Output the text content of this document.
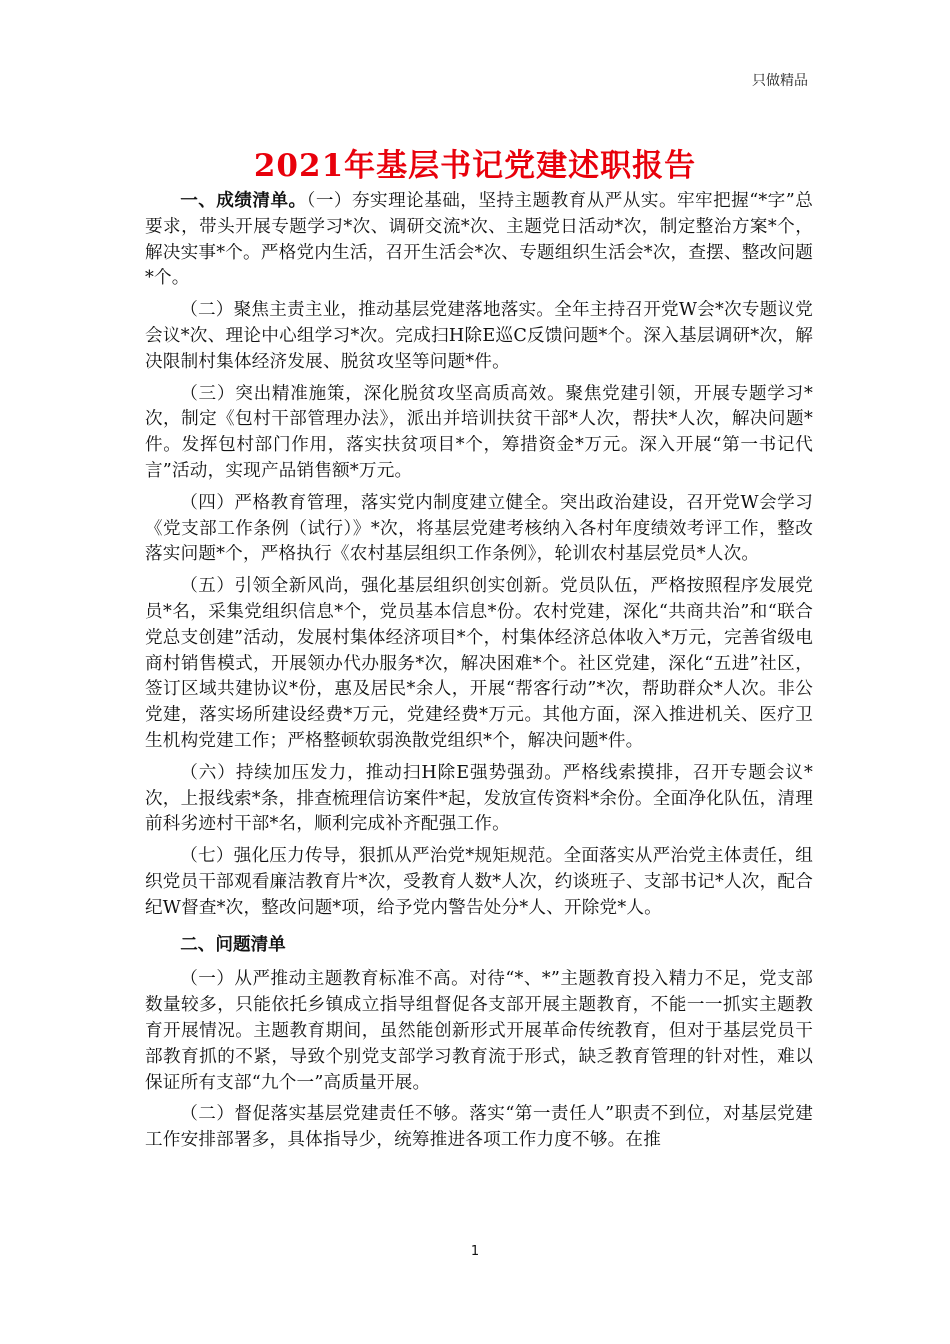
只做精品
2021年基层书记党建述职报告

一、成绩清单。（一）夯实理论基础，坚持主题教育从严从实。牢牢把握“*字”总要求，带头开展专题学习*次、调研交流*次、主题党日活动*次，制定整治方案*个，解决实事*个。严格党内生活，召开生活会*次、专题组织生活会*次，查摆、整改问题*个。

（二）聚焦主责主业，推动基层党建落地落实。全年主持召开党W会*次专题议党会议*次、理论中心组学习*次。完成扫H除E巡C反馈问题*个。深入基层调研*次，解决限制村集体经济发展、脱贫攻坚等问题*件。

（三）突出精准施策，深化脱贫攻坚高质高效。聚焦党建引领，开展专题学习*次，制定《包村干部管理办法》，派出并培训扶贫干部*人次，帮扶*人次，解决问题*件。发挥包村部门作用，落实扶贫项目*个，筹措资金*万元。深入开展“第一书记代言”活动，实现产品销售额*万元。

（四）严格教育管理，落实党内制度建立健全。突出政治建设，召开党W会学习《党支部工作条例（试行）》*次，将基层党建考核纳入各村年度绩效考评工作，整改落实问题*个，严格执行《农村基层组织工作条例》，轮训农村基层党员*人次。

（五）引领全新风尚，强化基层组织创实创新。党员队伍，严格按照程序发展党员*名，采集党组织信息*个，党员基本信息*份。农村党建，深化“共商共治”和“联合党总支创建”活动，发展村集体经济项目*个，村集体经济总体收入*万元，完善省级电商村销售模式，开展领办代办服务*次，解决困难*个。社区党建，深化“五进”社区，签订区域共建协议*份，惠及居民*余人，开展“帮客行动”*次，帮助群众*人次。非公党建，落实场所建设经费*万元，党建经费*万元。其他方面，深入推进机关、医疗卫生机构党建工作；严格整顿软弱涣散党组织*个，解决问题*件。

（六）持续加压发力，推动扫H除E强势强劲。严格线索摸排，召开专题会议*次，上报线索*条，排查梳理信访案件*起，发放宣传资料*余份。全面净化队伍，清理前科劣迹村干部*名，顺利完成补齐配强工作。

（七）强化压力传导，狠抓从严治党*规矩规范。全面落实从严治党主体责任，组织党员干部观看廉洁教育片*次，受教育人数*人次，约谈班子、支部书记*人次，配合纪W督查*次，整改问题*项，给予党内警告处分*人、开除党*人。

二、问题清单

（一）从严推动主题教育标准不高。对待“*、*”主题教育投入精力不足，党支部数量较多，只能依托乡镇成立指导组督促各支部开展主题教育，不能一一抓实主题教育开展情况。主题教育期间，虽然能创新形式开展革命传统教育，但对于基层党员干部教育抓的不紧，导致个别党支部学习教育流于形式，缺乏教育管理的针对性，难以保证所有支部“九个一”高质量开展。

（二）督促落实基层党建责任不够。落实“第一责任人”职责不到位，对基层党建工作安排部署多，具体指导少，统筹推进各项工作力度不够。在推

1
